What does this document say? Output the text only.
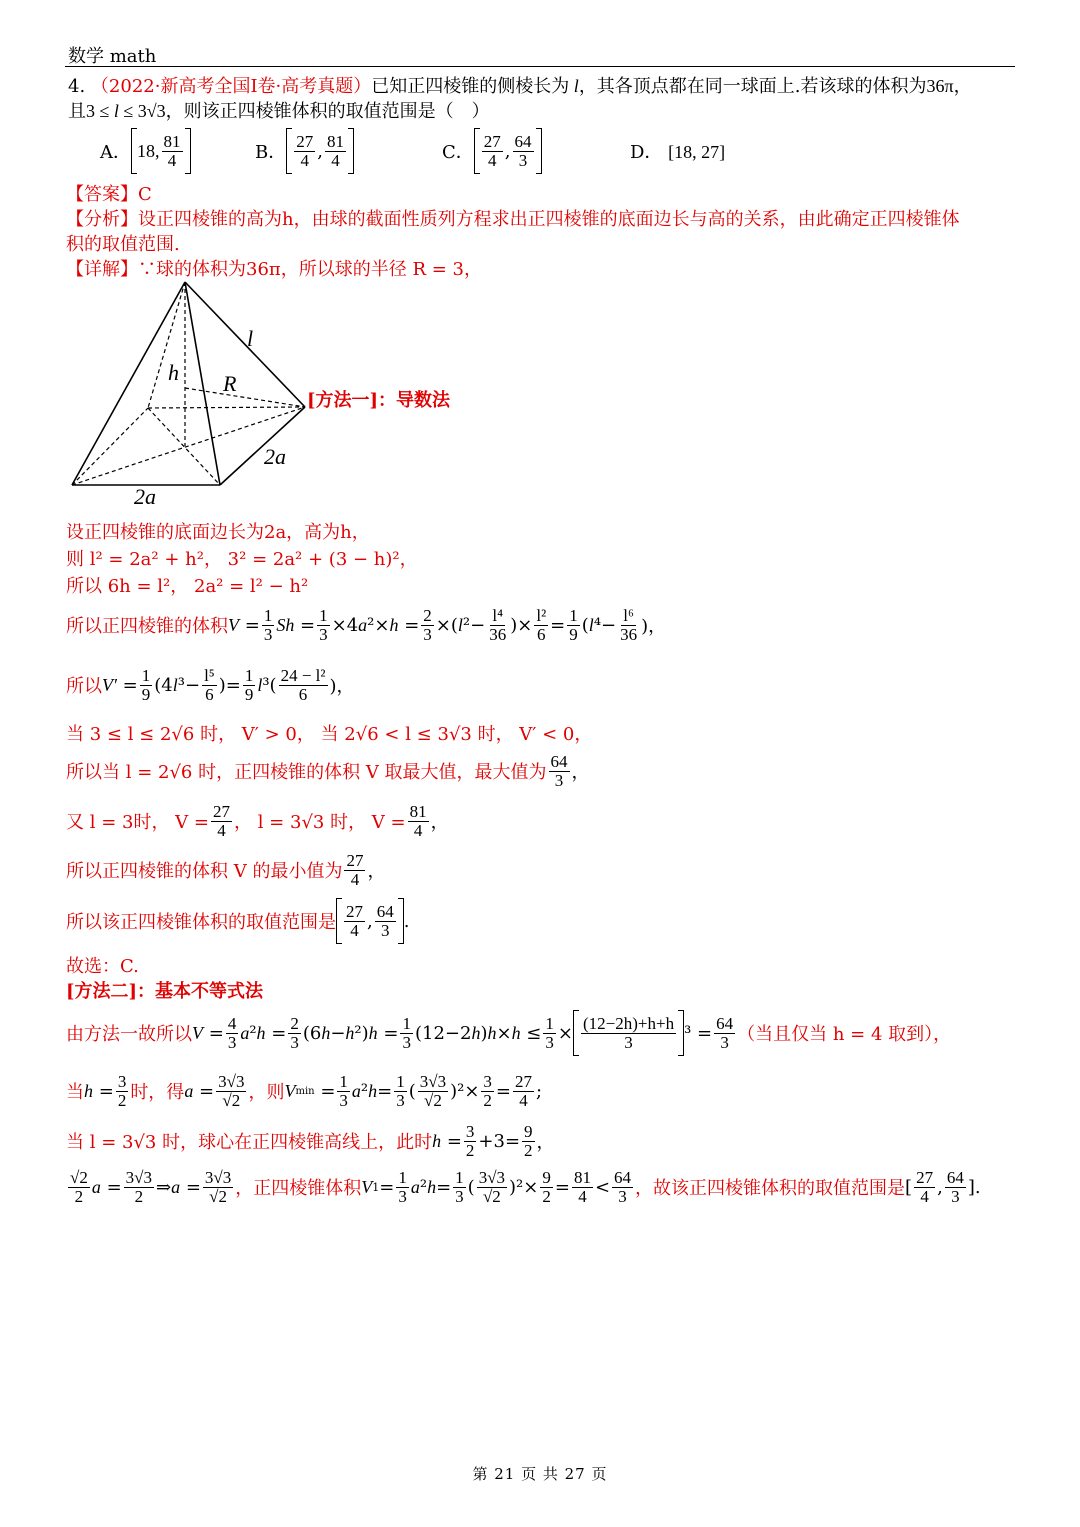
数学 math
4. （2022·新高考全国Ⅰ卷·高考真题）已知正四棱锥的侧棱长为 l，其各顶点都在同一球面上.若该球的体积为36π，
且3 ≤ l ≤ 3√3，则该正四棱锥体积的取值范围是（　）
A． 18, $\frac{81}{4}$	B． $\frac{27}{4}$ , $\frac{81}{4}$	C． $\frac{27}{4}$ , $\frac{64}{3}$	D． [18, 27]
【答案】C
【分析】设正四棱锥的高为h，由球的截面性质列方程求出正四棱锥的底面边长与高的关系，由此确定正四棱锥体
积的取值范围.
【详解】∵球的体积为36π，所以球的半径 R = 3，
l
h R
2a
2a
[方法一]：导数法
设正四棱锥的底面边长为2a，高为h，
则 l² = 2a² + h²， 3² = 2a² + (3 − h)²，
所以 6h = l²， 2a² = l² − h²
所以正四棱锥的体积 $V = \frac{1}{3}$ $Sh = \frac{1}{3} \times 4$ a $^2\times h = \frac{2}{3}$ ×( l $^2- \frac{\text{l⁴}}{36}$ )× $\frac{\text{l²}}{6} = \frac{1}{9}$ ( l $^4- \frac{\text{l⁶}}{36}$ )，
所以 $V' = \frac{1}{9} (4$ l $^3- \frac{\text{l⁵}}{6}$ )= $\frac{1}{9}$ l $^3( \frac{\text{24 − l²}}{6}$ )，
当 3 ≤ l ≤ 2√6 时， V′ > 0， 当 2√6 < l ≤ 3√3 时， V′ < 0，
所以当 l = 2√6 时，正四棱锥的体积 V 取最大值，最大值为 $\frac{64}{3}$ ，
又 l = 3时， $V = \frac{27}{4}$ ， l = 3√3 时， $V = \frac{81}{4}$ ，
所以正四棱锥的体积 V 的最小值为 $\frac{27}{4}$ ，
所以该正四棱锥体积的取值范围是 $\frac{27}{4}$ , $\frac{64}{3}$ .
故选：C.
[方法二]：基本不等式法
由方法一故所以 $V = \frac{4}{3}$ a ² $h = \frac{2}{3} (6$ h − h ²) $h = \frac{1}{3} (12-2$ h ) $h \times h \le \frac{1}{3} \times \frac{(12-2h)+h+h}{3} ^3 = \frac{64}{3}$ （当且仅当 h = 4 取到），
当 $h = \frac{3}{2}$ 时，得 $a = \frac{3√3}{√2}$ ，则 V $\min = \frac{1}{3}$ a ² $h = \frac{1}{3}$ ( $\frac{3√3}{√2} )^2\times \frac{3}{2} = \frac{27}{4}$ ;
当 l = 3√3 时，球心在正四棱锥高线上，此时 $h = \frac{3}{2} +3= \frac{9}{2}$ ，
$\frac{√2}{2}$ $a = \frac{3√3}{2}$ ⇒ $a = \frac{3√3}{√2}$ ，正四棱锥体积 V $1 = \frac{1}{3}$ a ² $h = \frac{1}{3}$ ( $\frac{3√3}{√2} )^2\times \frac{9}{2} = \frac{81}{4} < \frac{64}{3}$ ，故该正四棱锥体积的取值范围是 [ $\frac{27}{4}$ , $\frac{64}{3}$ ].
第 21 页 共 27 页
